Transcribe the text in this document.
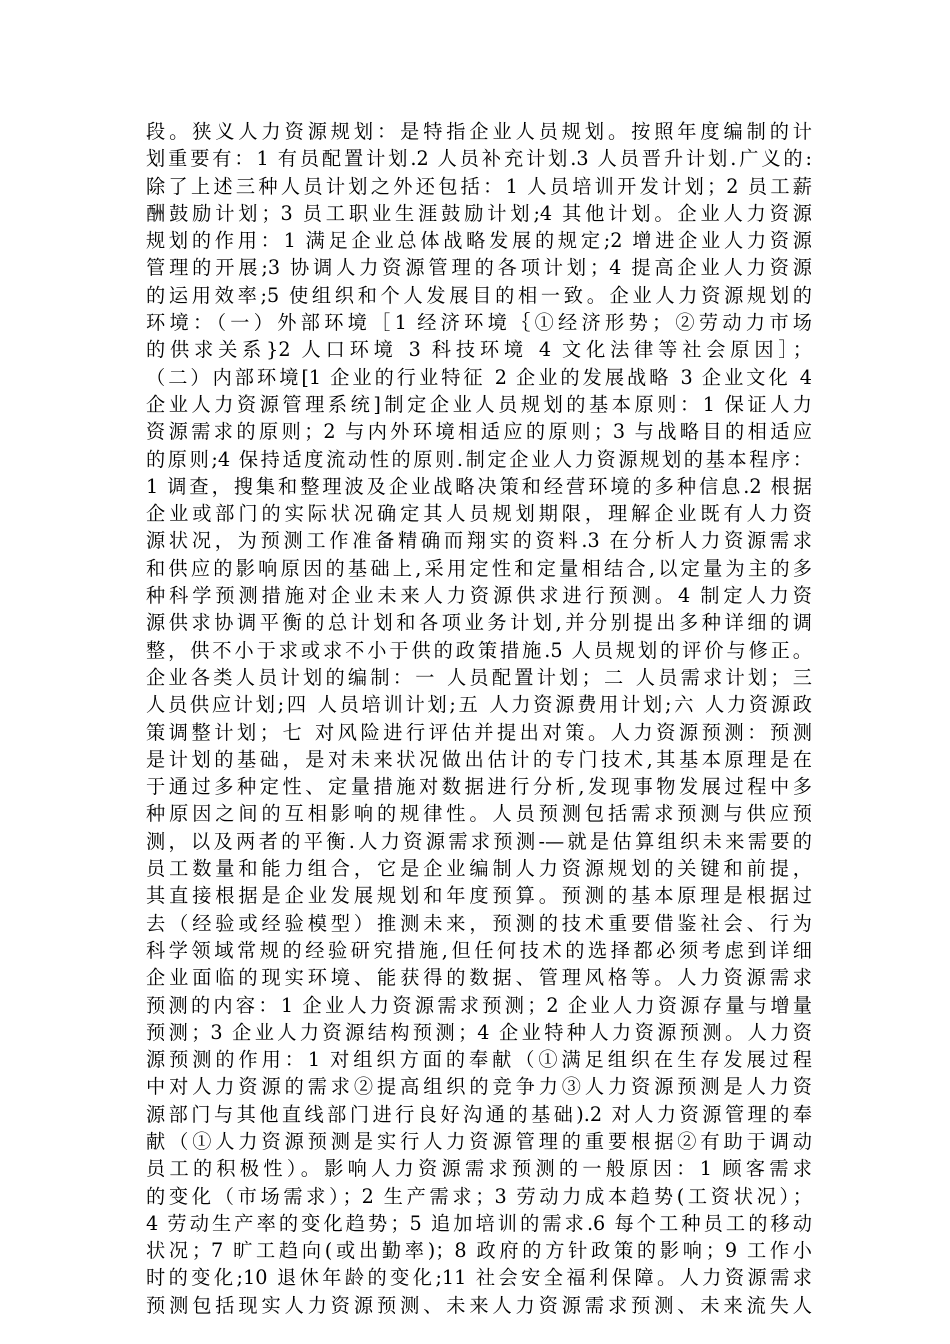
段。狭义人力资源规划：是特指企业人员规划。按照年度编制的计
划重要有：1 有员配置计划.2 人员补充计划.3 人员晋升计划.广义的:
除了上述三种人员计划之外还包括：1 人员培训开发计划；2 员工薪
酬鼓励计划；3 员工职业生涯鼓励计划;4 其他计划。企业人力资源
规划的作用：1 满足企业总体战略发展的规定;2 增进企业人力资源
管理的开展;3 协调人力资源管理的各项计划；4 提高企业人力资源
的运用效率;5 使组织和个人发展目的相一致。企业人力资源规划的
环境：（一）外部环境［1 经济环境｛①经济形势；②劳动力市场
的供求关系}2 人口环境 3 科技环境 4 文化法律等社会原因］；
（二）内部环境[1 企业的行业特征 2 企业的发展战略 3 企业文化 4
企业人力资源管理系统]制定企业人员规划的基本原则：1 保证人力
资源需求的原则；2 与内外环境相适应的原则；3 与战略目的相适应
的原则;4 保持适度流动性的原则.制定企业人力资源规划的基本程序：
1 调查，搜集和整理波及企业战略决策和经营环境的多种信息.2 根据
企业或部门的实际状况确定其人员规划期限，理解企业既有人力资
源状况，为预测工作准备精确而翔实的资料.3 在分析人力资源需求
和供应的影响原因的基础上,采用定性和定量相结合,以定量为主的多
种科学预测措施对企业未来人力资源供求进行预测。4 制定人力资
源供求协调平衡的总计划和各项业务计划,并分别提出多种详细的调
整，供不小于求或求不小于供的政策措施.5 人员规划的评价与修正。
企业各类人员计划的编制：一 人员配置计划；二 人员需求计划；三
人员供应计划;四 人员培训计划;五 人力资源费用计划;六 人力资源政
策调整计划；七 对风险进行评估并提出对策。人力资源预测：预测
是计划的基础，是对未来状况做出估计的专门技术,其基本原理是在
于通过多种定性、定量措施对数据进行分析,发现事物发展过程中多
种原因之间的互相影响的规律性。人员预测包括需求预测与供应预
测，以及两者的平衡.人力资源需求预测-—就是估算组织未来需要的
员工数量和能力组合，它是企业编制人力资源规划的关键和前提，
其直接根据是企业发展规划和年度预算。预测的基本原理是根据过
去（经验或经验模型）推测未来，预测的技术重要借鉴社会、行为
科学领域常规的经验研究措施,但任何技术的选择都必须考虑到详细
企业面临的现实环境、能获得的数据、管理风格等。人力资源需求
预测的内容：1 企业人力资源需求预测；2 企业人力资源存量与增量
预测；3 企业人力资源结构预测；4 企业特种人力资源预测。人力资
源预测的作用：1 对组织方面的奉献（①满足组织在生存发展过程
中对人力资源的需求②提高组织的竞争力③人力资源预测是人力资
源部门与其他直线部门进行良好沟通的基础).2 对人力资源管理的奉
献（①人力资源预测是实行人力资源管理的重要根据②有助于调动
员工的积极性）。影响人力资源需求预测的一般原因：1 顾客需求
的变化（市场需求）；2 生产需求；3 劳动力成本趋势(工资状况）；
4 劳动生产率的变化趋势；5 追加培训的需求.6 每个工种员工的移动
状况；7 旷工趋向(或出勤率)；8 政府的方针政策的影响；9 工作小
时的变化;10 退休年龄的变化;11 社会安全福利保障。人力资源需求
预测包括现实人力资源预测、未来人力资源需求预测、未来流失人
